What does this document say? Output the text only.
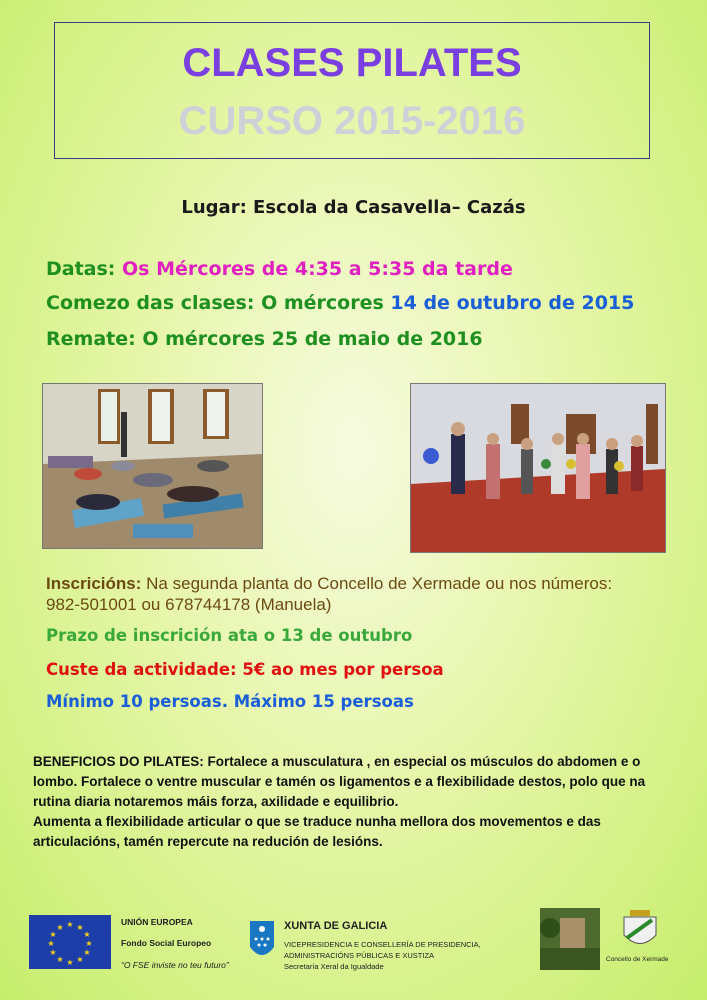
CLASES PILATES
CURSO 2015-2016
Lugar: Escola da Casavella– Cazás
Datas: Os Mércores de 4:35 a 5:35 da tarde
Comezo das clases: O mércores 14 de outubro de 2015
Remate: O mércores 25 de maio de 2016
Inscricións: Na segunda planta do Concello de Xermade ou nos números: 982-501001 ou 678744178 (Manuela)
Prazo de inscrición ata o 13 de outubro
Custe da actividade: 5€ ao mes por persoa
Mínimo 10 persoas. Máximo 15 persoas

BENEFICIOS DO PILATES: Fortalece a musculatura , en especial os músculos do abdomen e o lombo. Fortalece o ventre muscular e tamén os ligamentos e a flexibilidade destos, polo que na rutina diaria notaremos máis forza, axilidade e equilibrio.

Aumenta a flexibilidade articular o que se traduce nunha mellora dos movementos e das articulacións, tamén repercute na redución de lesións.

★ ★
★
★
★
★
★
★
★
★
★
★
UNIÓN EUROPEA
Fondo Social Europeo
“O FSE inviste no teu futuro”
XUNTA DE GALICIA
VICEPRESIDENCIA E CONSELLERÍA DE PRESIDENCIA,
ADMINISTRACIÓNS PÚBLICAS E XUSTIZA
Secretaría Xeral da Igualdade
Concello de Xermade
